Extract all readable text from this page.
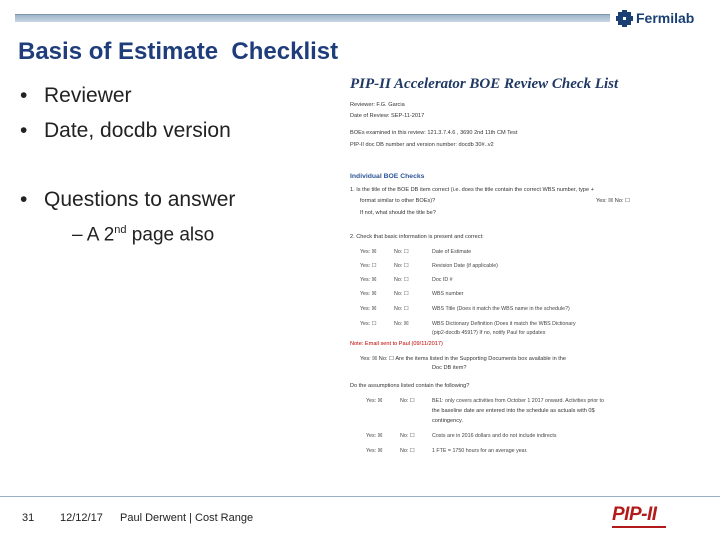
Fermilab
Basis of Estimate  Checklist
• Reviewer
• Date, docdb version
• Questions to answer
– A 2nd page also
PIP-II Accelerator BOE Review Check List
Reviewer: F.G. Garcia
Date of Review: SEP-11-2017
BOEs examined in this review: 121.3.7.4.6 , 3690 2nd 11th CM Test
PIP-II doc DB number and version number: docdb 30#..v2
Individual BOE Checks
1. Is the title of the BOE DB item correct (i.e. does the title contain the correct WBS number, type +
format similar to other BOEs)?	Yes: ☒ No: ☐
If not, what should the title be?
2. Check that basic information is present and correct:
Yes: ☒	No: ☐	Date of Estimate
Yes: ☐	No: ☐	Revision Date (if applicable)
Yes: ☒	No: ☐	Doc ID #
Yes: ☒	No: ☐	WBS number
Yes: ☒	No: ☐	WBS Title (Does it match the WBS name in the schedule?)
Yes: ☐	No: ☒	WBS Dictionary Definition (Does it match the WBS Dictionary
(pip2-docdb 4591?) If no, notify Paul for updates
Note: Email sent to Paul (09/11/2017)
Yes: ☒ No: ☐ Are the items listed in the Supporting Documents box available in the
Doc DB item?
Do the assumptions listed contain the following?
Yes: ☒	No: ☐	BE1: only covers activities from October 1 2017 onward. Activities prior to
the baseline date are entered into the schedule as actuals with 0$
contingency.
Yes: ☒	No: ☐	Costs are in 2016 dollars and do not include indirects
Yes: ☒	No: ☐	1 FTE = 1750 hours for an average year.
31 12/12/17 Paul Derwent | Cost Range	PIP-II
